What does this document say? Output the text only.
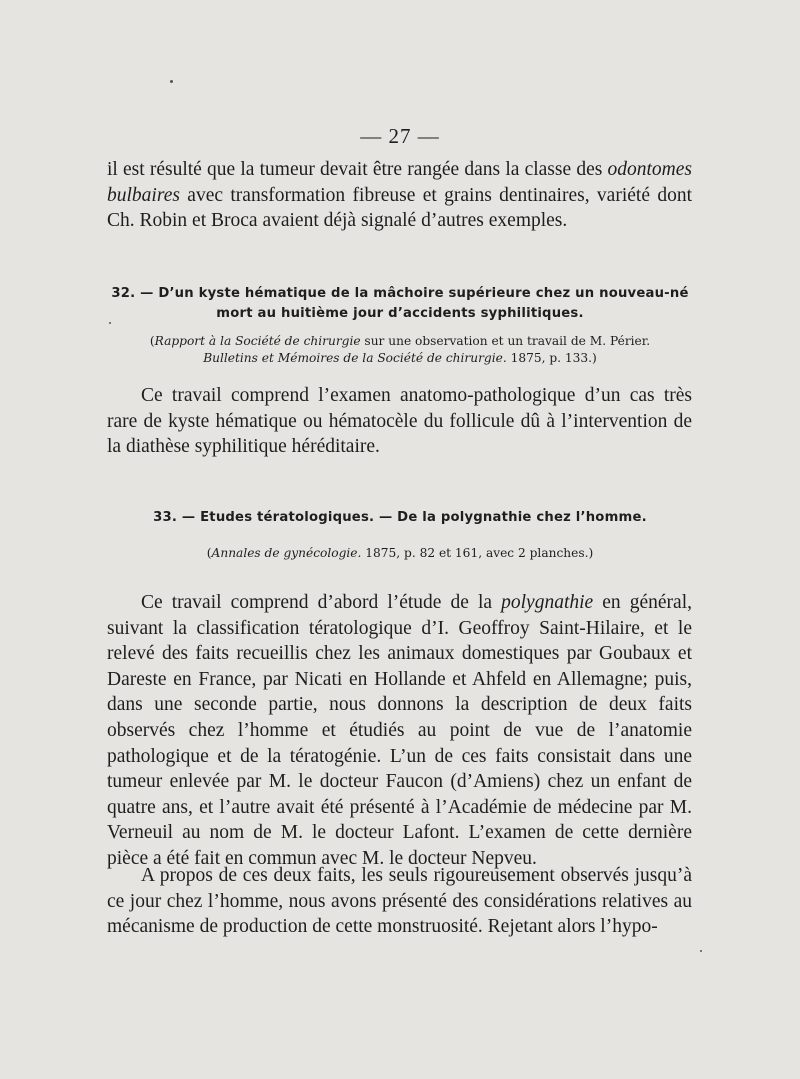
— 27 —

il est résulté que la tumeur devait être rangée dans la classe des odontomes bulbaires avec transformation fibreuse et grains dentinaires, variété dont Ch. Robin et Broca avaient déjà signalé d’autres exemples.

32. — D’un kyste hématique de la mâchoire supérieure chez un nouveau-né mort au huitième jour d’accidents syphilitiques.

(Rapport à la Société de chirurgie sur une observation et un travail de M. Périer.

Bulletins et Mémoires de la Société de chirurgie. 1875, p. 133.)

Ce travail comprend l’examen anatomo-pathologique d’un cas très rare de kyste hématique ou hématocèle du follicule dû à l’intervention de la diathèse syphilitique héréditaire.

33. — Etudes tératologiques. — De la polygnathie chez l’homme.

(Annales de gynécologie. 1875, p. 82 et 161, avec 2 planches.)

Ce travail comprend d’abord l’étude de la polygnathie en général, suivant la classification tératologique d’I. Geoffroy Saint-Hilaire, et le relevé des faits recueillis chez les animaux domestiques par Goubaux et Dareste en France, par Nicati en Hollande et Ahfeld en Allemagne; puis, dans une seconde partie, nous donnons la description de deux faits observés chez l’homme et étudiés au point de vue de l’anatomie pathologique et de la tératogénie. L’un de ces faits consistait dans une tumeur enlevée par M. le docteur Faucon (d’Amiens) chez un enfant de quatre ans, et l’autre avait été présenté à l’Académie de médecine par M. Verneuil au nom de M. le docteur Lafont. L’examen de cette dernière pièce a été fait en commun avec M. le docteur Nepveu.

A propos de ces deux faits, les seuls rigoureusement observés jusqu’à ce jour chez l’homme, nous avons présenté des considérations relatives au mécanisme de production de cette monstruosité. Rejetant alors l’hypo-
